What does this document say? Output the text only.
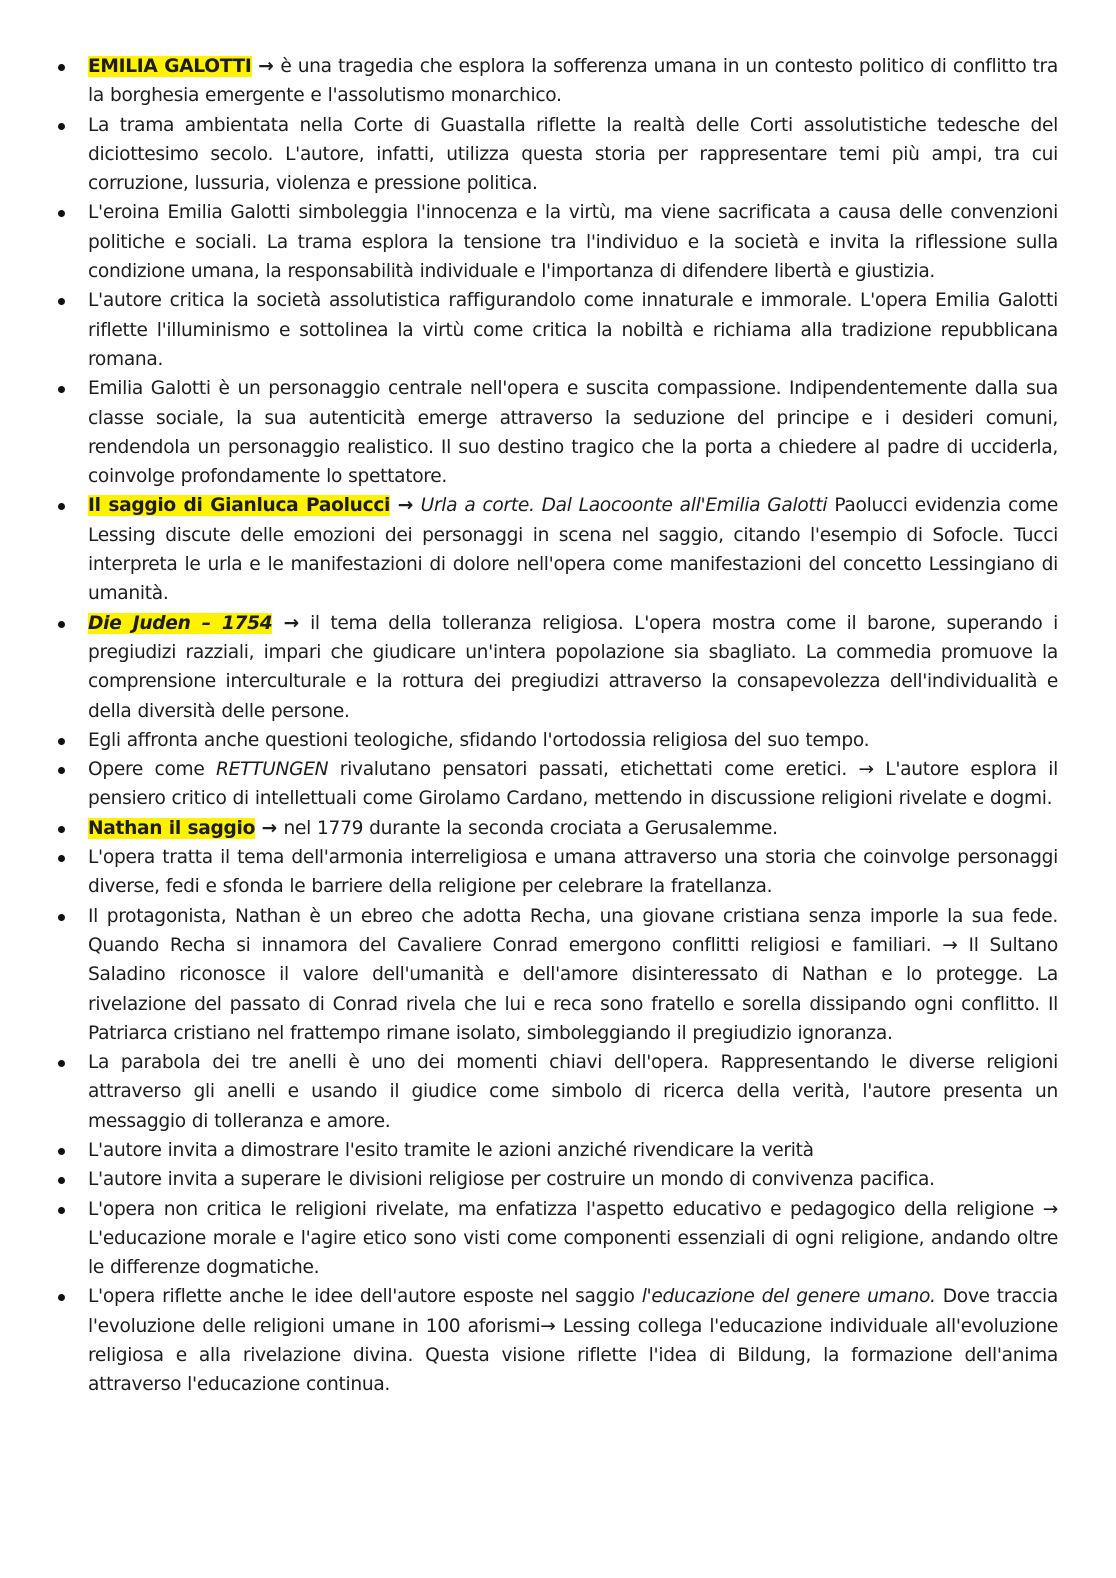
EMILIA GALOTTI → è una tragedia che esplora la sofferenza umana in un contesto politico di conflitto tra la borghesia emergente e l'assolutismo monarchico.
La trama ambientata nella Corte di Guastalla riflette la realtà delle Corti assolutistiche tedesche del diciottesimo secolo. L'autore, infatti, utilizza questa storia per rappresentare temi più ampi, tra cui corruzione, lussuria, violenza e pressione politica.
L'eroina Emilia Galotti simboleggia l'innocenza e la virtù, ma viene sacrificata a causa delle convenzioni politiche e sociali. La trama esplora la tensione tra l'individuo e la società e invita la riflessione sulla condizione umana, la responsabilità individuale e l'importanza di difendere libertà e giustizia.
L'autore critica la società assolutistica raffigurandolo come innaturale e immorale. L'opera Emilia Galotti riflette l'illuminismo e sottolinea la virtù come critica la nobiltà e richiama alla tradizione repubblicana romana.
Emilia Galotti è un personaggio centrale nell'opera e suscita compassione. Indipendentemente dalla sua classe sociale, la sua autenticità emerge attraverso la seduzione del principe e i desideri comuni, rendendola un personaggio realistico. Il suo destino tragico che la porta a chiedere al padre di ucciderla, coinvolge profondamente lo spettatore.
Il saggio di Gianluca Paolucci → Urla a corte. Dal Laocoonte all'Emilia Galotti Paolucci evidenzia come Lessing discute delle emozioni dei personaggi in scena nel saggio, citando l'esempio di Sofocle. Tucci interpreta le urla e le manifestazioni di dolore nell'opera come manifestazioni del concetto Lessingiano di umanità.
Die Juden – 1754 → il tema della tolleranza religiosa. L'opera mostra come il barone, superando i pregiudizi razziali, impari che giudicare un'intera popolazione sia sbagliato. La commedia promuove la comprensione interculturale e la rottura dei pregiudizi attraverso la consapevolezza dell'individualità e della diversità delle persone.
Egli affronta anche questioni teologiche, sfidando l'ortodossia religiosa del suo tempo.
Opere come RETTUNGEN rivalutano pensatori passati, etichettati come eretici. → L'autore esplora il pensiero critico di intellettuali come Girolamo Cardano, mettendo in discussione religioni rivelate e dogmi.
Nathan il saggio → nel 1779 durante la seconda crociata a Gerusalemme.
L'opera tratta il tema dell'armonia interreligiosa e umana attraverso una storia che coinvolge personaggi diverse, fedi e sfonda le barriere della religione per celebrare la fratellanza.
Il protagonista, Nathan è un ebreo che adotta Recha, una giovane cristiana senza imporle la sua fede. Quando Recha si innamora del Cavaliere Conrad emergono conflitti religiosi e familiari. → Il Sultano Saladino riconosce il valore dell'umanità e dell'amore disinteressato di Nathan e lo protegge. La rivelazione del passato di Conrad rivela che lui e reca sono fratello e sorella dissipando ogni conflitto. Il Patriarca cristiano nel frattempo rimane isolato, simboleggiando il pregiudizio ignoranza.
La parabola dei tre anelli è uno dei momenti chiavi dell'opera. Rappresentando le diverse religioni attraverso gli anelli e usando il giudice come simbolo di ricerca della verità, l'autore presenta un messaggio di tolleranza e amore.
L'autore invita a dimostrare l'esito tramite le azioni anziché rivendicare la verità
L'autore invita a superare le divisioni religiose per costruire un mondo di convivenza pacifica.
L'opera non critica le religioni rivelate, ma enfatizza l'aspetto educativo e pedagogico della religione → L'educazione morale e l'agire etico sono visti come componenti essenziali di ogni religione, andando oltre le differenze dogmatiche.
L'opera riflette anche le idee dell'autore esposte nel saggio l'educazione del genere umano. Dove traccia l'evoluzione delle religioni umane in 100 aforismi→ Lessing collega l'educazione individuale all'evoluzione religiosa e alla rivelazione divina. Questa visione riflette l'idea di Bildung, la formazione dell'anima attraverso l'educazione continua.
